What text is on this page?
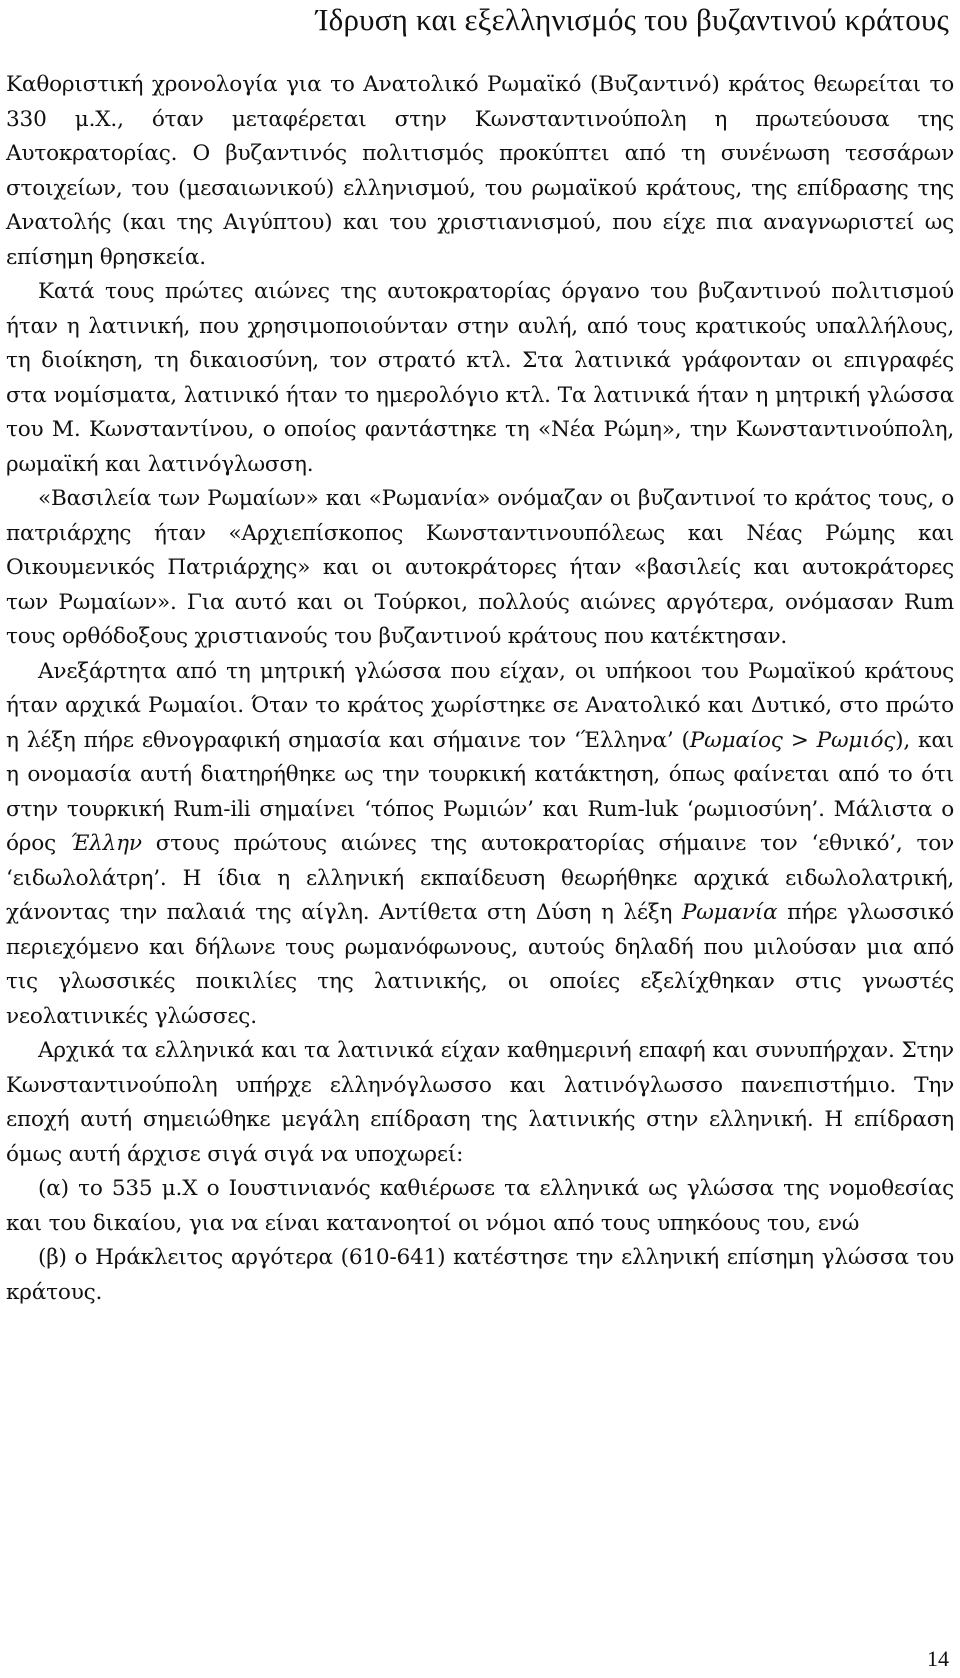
Ίδρυση και εξελληνισμός του βυζαντινού κράτους

Καθοριστική χρονολογία για το Ανατολικό Ρωμαϊκό (Βυζαντινό) κράτος θεωρείται το 330 μ.Χ., όταν μεταφέρεται στην Κωνσταντινούπολη η πρωτεύουσα της Αυτοκρατορίας. Ο βυζαντινός πολιτισμός προκύπτει από τη συνένωση τεσσάρων στοιχείων, του (μεσαιωνικού) ελληνισμού, του ρωμαϊκού κράτους, της επίδρασης της Ανατολής (και της Αιγύπτου) και του χριστιανισμού, που είχε πια αναγνωριστεί ως επίσημη θρησκεία.

Κατά τους πρώτες αιώνες της αυτοκρατορίας όργανο του βυζαντινού πολιτισμού ήταν η λατινική, που χρησιμοποιούνταν στην αυλή, από τους κρατικούς υπαλλήλους, τη διοίκηση, τη δικαιοσύνη, τον στρατό κτλ. Στα λατινικά γράφονταν οι επιγραφές στα νομίσματα, λατινικό ήταν το ημερολόγιο κτλ. Τα λατινικά ήταν η μητρική γλώσσα του Μ. Κωνσταντίνου, ο οποίος φαντάστηκε τη «Νέα Ρώμη», την Κωνσταντινούπολη, ρωμαϊκή και λατινόγλωσση.

«Βασιλεία των Ρωμαίων» και «Ρωμανία» ονόμαζαν οι βυζαντινοί το κράτος τους, ο πατριάρχης ήταν «Αρχιεπίσκοπος Κωνσταντινουπόλεως και Νέας Ρώμης και Οικουμενικός Πατριάρχης» και οι αυτοκράτορες ήταν «βασιλείς και αυτοκράτορες των Ρωμαίων». Για αυτό και οι Τούρκοι, πολλούς αιώνες αργότερα, ονόμασαν Rum τους ορθόδοξους χριστιανούς του βυζαντινού κράτους που κατέκτησαν.

Ανεξάρτητα από τη μητρική γλώσσα που είχαν, οι υπήκοοι του Ρωμαϊκού κράτους ήταν αρχικά Ρωμαίοι. Όταν το κράτος χωρίστηκε σε Ανατολικό και Δυτικό, στο πρώτο η λέξη πήρε εθνογραφική σημασία και σήμαινε τον ‘Έλληνα’ (Ρωμαίος > Ρωμιός), και η ονομασία αυτή διατηρήθηκε ως την τουρκική κατάκτηση, όπως φαίνεται από το ότι στην τουρκική Rum-ili σημαίνει ‘τόπος Ρωμιών’ και Rum-luk ‘ρωμιοσύνη’. Μάλιστα ο όρος Έλλην στους πρώτους αιώνες της αυτοκρατορίας σήμαινε τον ‘εθνικό’, τον ‘ειδωλολάτρη’. Η ίδια η ελληνική εκπαίδευση θεωρήθηκε αρχικά ειδωλολατρική, χάνοντας την παλαιά της αίγλη. Αντίθετα στη Δύση η λέξη Ρωμανία πήρε γλωσσικό περιεχόμενο και δήλωνε τους ρωμανόφωνους, αυτούς δηλαδή που μιλούσαν μια από τις γλωσσικές ποικιλίες της λατινικής, οι οποίες εξελίχθηκαν στις γνωστές νεολατινικές γλώσσες.

Αρχικά τα ελληνικά και τα λατινικά είχαν καθημερινή επαφή και συνυπήρχαν. Στην Κωνσταντινούπολη υπήρχε ελληνόγλωσσο και λατινόγλωσσο πανεπιστήμιο. Την εποχή αυτή σημειώθηκε μεγάλη επίδραση της λατινικής στην ελληνική. Η επίδραση όμως αυτή άρχισε σιγά σιγά να υποχωρεί:

(α) το 535 μ.Χ ο Ιουστινιανός καθιέρωσε τα ελληνικά ως γλώσσα της νομοθεσίας και του δικαίου, για να είναι κατανοητοί οι νόμοι από τους υπηκόους του, ενώ

(β) ο Ηράκλειτος αργότερα (610-641) κατέστησε την ελληνική επίσημη γλώσσα του κράτους.

14
